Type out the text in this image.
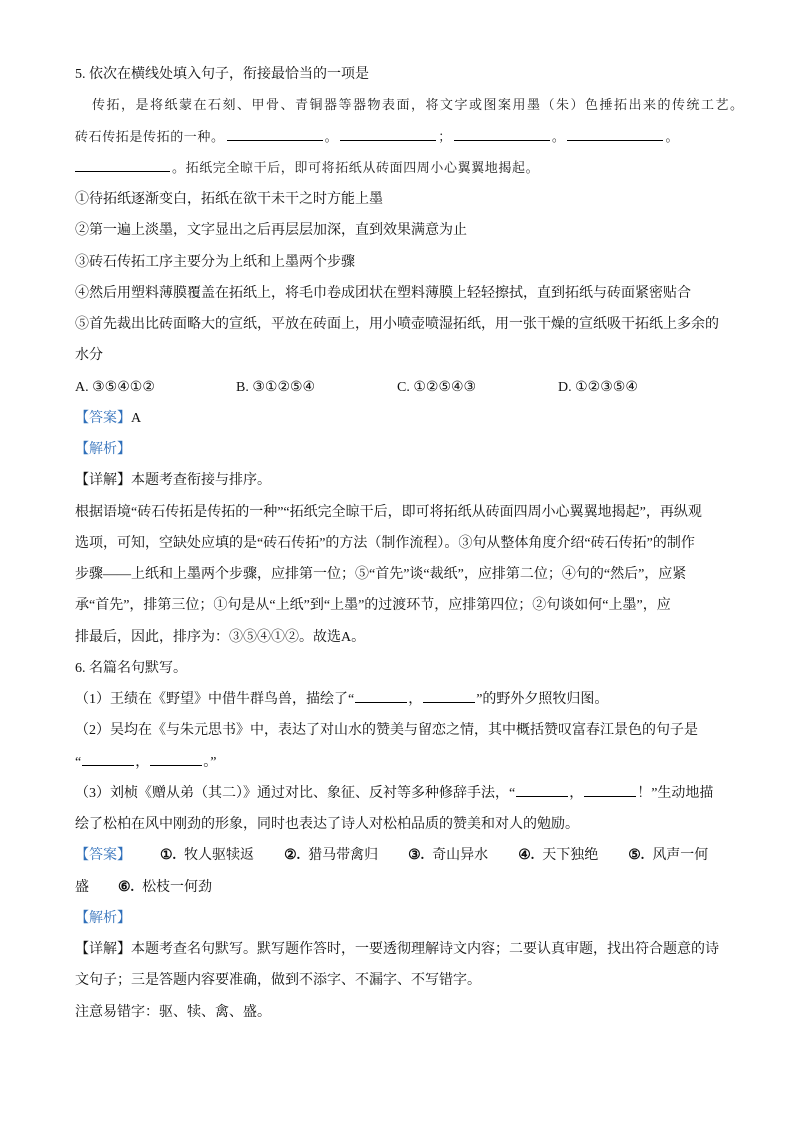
5. 依次在横线处填入句子，衔接最恰当的一项是
传拓，是将纸蒙在石刻、甲骨、青铜器等器物表面，将文字或图案用墨（朱）色捶拓出来的传统工艺。
砖石传拓是传拓的一种。	。	；	。	。
。拓纸完全晾干后，即可将拓纸从砖面四周小心翼翼地揭起。
①待拓纸逐渐变白，拓纸在欲干未干之时方能上墨
②第一遍上淡墨，文字显出之后再层层加深，直到效果满意为止
③砖石传拓工序主要分为上纸和上墨两个步骤
④然后用塑料薄膜覆盖在拓纸上，将毛巾卷成团状在塑料薄膜上轻轻擦拭，直到拓纸与砖面紧密贴合
⑤首先裁出比砖面略大的宣纸，平放在砖面上，用小喷壶喷湿拓纸，用一张干燥的宣纸吸干拓纸上多余的
水分
A. ③⑤④①②	B. ③①②⑤④	C. ①②⑤④③	D. ①②③⑤④
【答案】 A
【解析】
【详解】 本题考查衔接与排序。
根据语境“砖石传拓是传拓的一种”“拓纸完全晾干后，即可将拓纸从砖面四周小心翼翼地揭起”，再纵观
选项，可知，空缺处应填的是“砖石传拓”的方法（制作流程）。③句从整体角度介绍“砖石传拓”的制作
步骤——上纸和上墨两个步骤，应排第一位；⑤“首先”谈“裁纸”，应排第二位；④句的“然后”，应紧
承“首先”，排第三位；①句是从“上纸”到“上墨”的过渡环节，应排第四位；②句谈如何“上墨”，应
排最后，因此，排序为：③⑤④①②。故选A。
6. 名篇名句默写。
（1）王绩在《野望》中借牛群鸟兽，描绘了“	，	”的野外夕照牧归图。
（2）吴均在《与朱元思书》中，表达了对山水的赞美与留恋之情，其中概括赞叹富春江景色的句子是
“	，	。”
（3）刘桢《赠从弟（其二）》通过对比、象征、反衬等多种修辞手法，“	，	！”生动地描
绘了松柏在风中刚劲的形象，同时也表达了诗人对松柏品质的赞美和对人的勉励。
【答案】 ①. 牧人驱犊返 ②. 猎马带禽归 ③. 奇山异水 ④. 天下独绝 ⑤. 风声一何
盛 ⑥. 松枝一何劲
【解析】
【详解】 本题考查名句默写。默写题作答时，一要透彻理解诗文内容；二要认真审题，找出符合题意的诗
文句子；三是答题内容要准确，做到不添字、不漏字、不写错字。
注意易错字：驱、犊、禽、盛。
